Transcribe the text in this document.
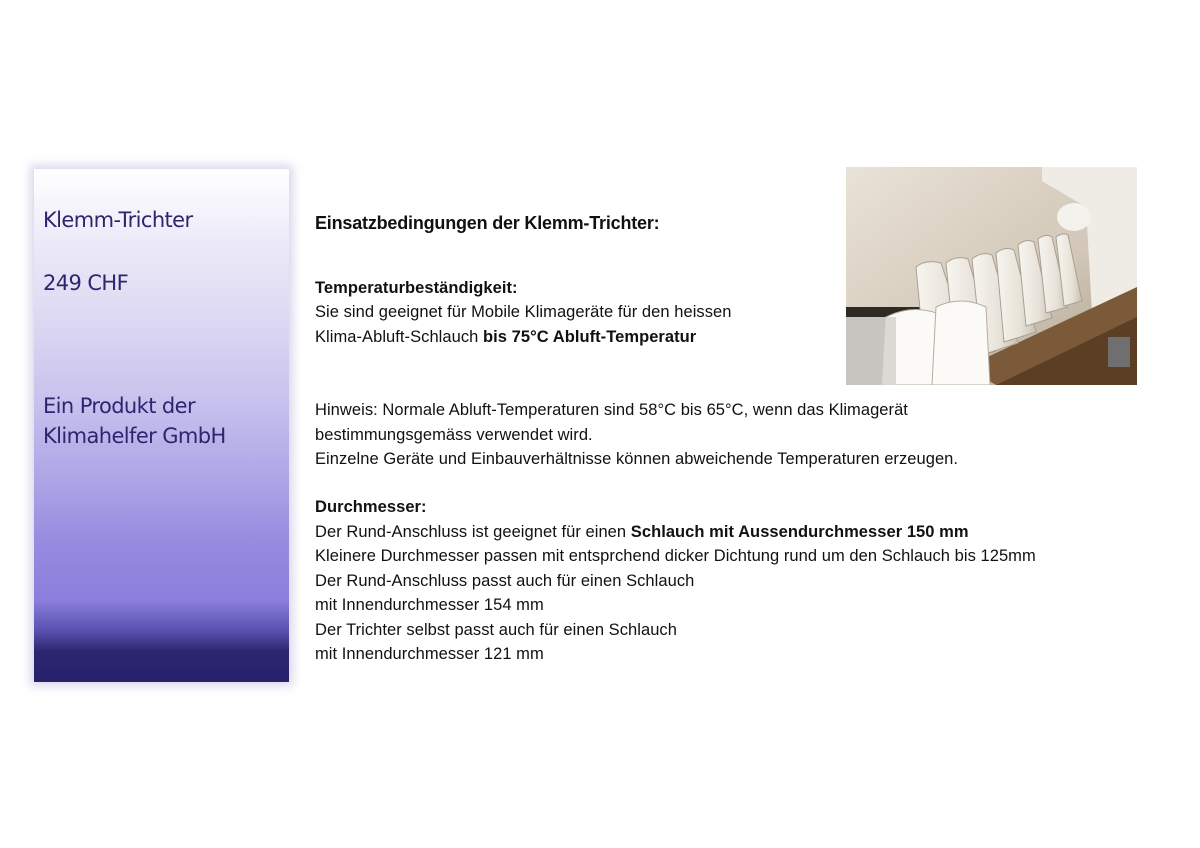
Klemm-Trichter
249 CHF
Ein Produkt der Klimahelfer GmbH
Einsatzbedingungen der Klemm-Trichter:
Temperaturbeständigkeit:
Sie sind geeignet für Mobile Klimageräte für den heissen
Klima-Abluft-Schlauch bis 75°C Abluft-Temperatur
Hinweis: Normale Abluft-Temperaturen sind 58°C bis 65°C, wenn das Klimagerät
bestimmungsgemäss verwendet wird.
Einzelne Geräte und Einbauverhältnisse können abweichende Temperaturen erzeugen.
Durchmesser:
Der Rund-Anschluss ist geeignet für einen Schlauch mit Aussendurchmesser 150 mm
Kleinere Durchmesser passen mit entsprchend dicker Dichtung rund um den Schlauch bis 125mm
Der Rund-Anschluss passt auch für einen Schlauch
mit Innendurchmesser 154 mm
Der Trichter selbst passt auch für einen Schlauch
mit Innendurchmesser 121 mm
